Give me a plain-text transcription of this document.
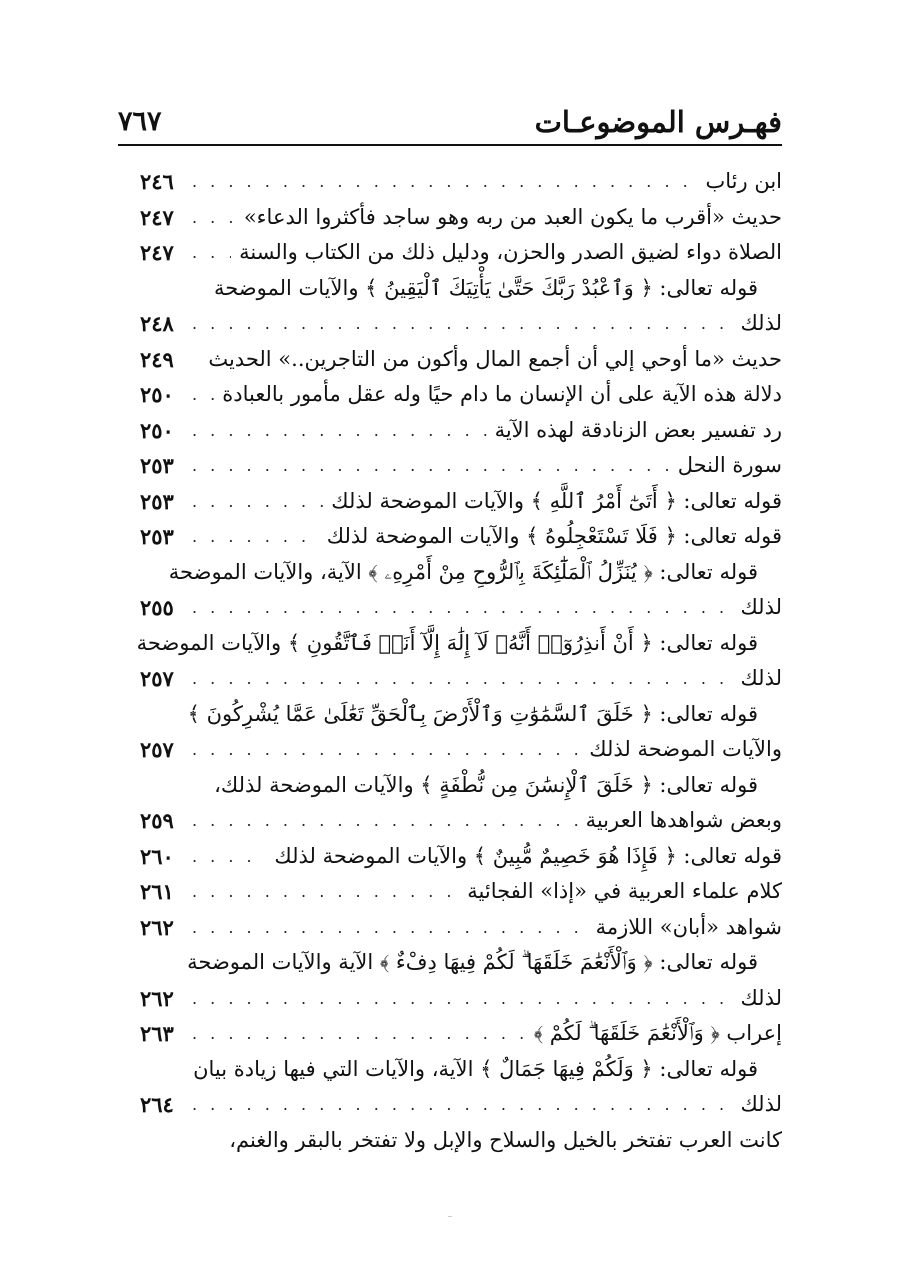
فهـرس الموضوعـات
٧٦٧
ابن رئاب
. . .
٢٤٦
حديث «أقرب ما يكون العبد من ربه وهو ساجد فأكثروا الدعاء»
. . .
٢٤٧
الصلاة دواء لضيق الصدر والحزن، ودليل ذلك من الكتاب والسنة
. . .
٢٤٧
قوله تعالى: ﴿ وَٱعْبُدْ رَبَّكَ حَتَّىٰ يَأْتِيَكَ ٱلْيَقِينُ ﴾ والآيات الموضحة
لذلك
. . .
٢٤٨
حديث «ما أوحي إلي أن أجمع المال وأكون من التاجرين..» الحديث
٢٤٩
دلالة هذه الآية على أن الإنسان ما دام حيًا وله عقل مأمور بالعبادة
. . .
٢٥٠
رد تفسير بعض الزنادقة لهذه الآية
. . .
٢٥٠
سورة النحل
. . .
٢٥٣
قوله تعالى: ﴿ أَتَىٰٓ أَمْرُ ٱللَّهِ ﴾ والآيات الموضحة لذلك
. . .
٢٥٣
قوله تعالى: ﴿ فَلَا تَسْتَعْجِلُوهُ ﴾ والآيات الموضحة لذلك
. . .
٢٥٣
قوله تعالى: ﴿ يُنَزِّلُ ٱلْمَلَٰٓئِكَةَ بِٱلرُّوحِ مِنْ أَمْرِهِۦ ﴾ الآية، والآيات الموضحة
لذلك
. . .
٢٥٥
قوله تعالى: ﴿ أَنْ أَنذِرُوٓا۟ أَنَّهُۥ لَآ إِلَٰهَ إِلَّآ أَنَا۠ فَٱتَّقُونِ ﴾ والآيات الموضحة
لذلك
. . .
٢٥٧
قوله تعالى: ﴿ خَلَقَ ٱلسَّمَٰوَٰتِ وَٱلْأَرْضَ بِٱلْحَقِّ تَعَٰلَىٰ عَمَّا يُشْرِكُونَ ﴾
والآيات الموضحة لذلك
. . .
٢٥٧
قوله تعالى: ﴿ خَلَقَ ٱلْإِنسَٰنَ مِن نُّطْفَةٍ ﴾ والآيات الموضحة لذلك،
وبعض شواهدها العربية
. . .
٢٥٩
قوله تعالى: ﴿ فَإِذَا هُوَ خَصِيمٌ مُّبِينٌ ﴾ والآيات الموضحة لذلك
. . .
٢٦٠
كلام علماء العربية في «إذا» الفجائية
. . .
٢٦١
شواهد «أبان» اللازمة
. . .
٢٦٢
قوله تعالى: ﴿ وَٱلْأَنْعَٰمَ خَلَقَهَا ۗ لَكُمْ فِيهَا دِفْءٌ ﴾ الآية والآيات الموضحة
لذلك
. . .
٢٦٢
إعراب ﴿ وَٱلْأَنْعَٰمَ خَلَقَهَا ۗ لَكُمْ ﴾
. . .
٢٦٣
قوله تعالى: ﴿ وَلَكُمْ فِيهَا جَمَالٌ ﴾ الآية، والآيات التي فيها زيادة بيان
لذلك
. . .
٢٦٤
كانت العرب تفتخر بالخيل والسلاح والإبل ولا تفتخر بالبقر والغنم،
